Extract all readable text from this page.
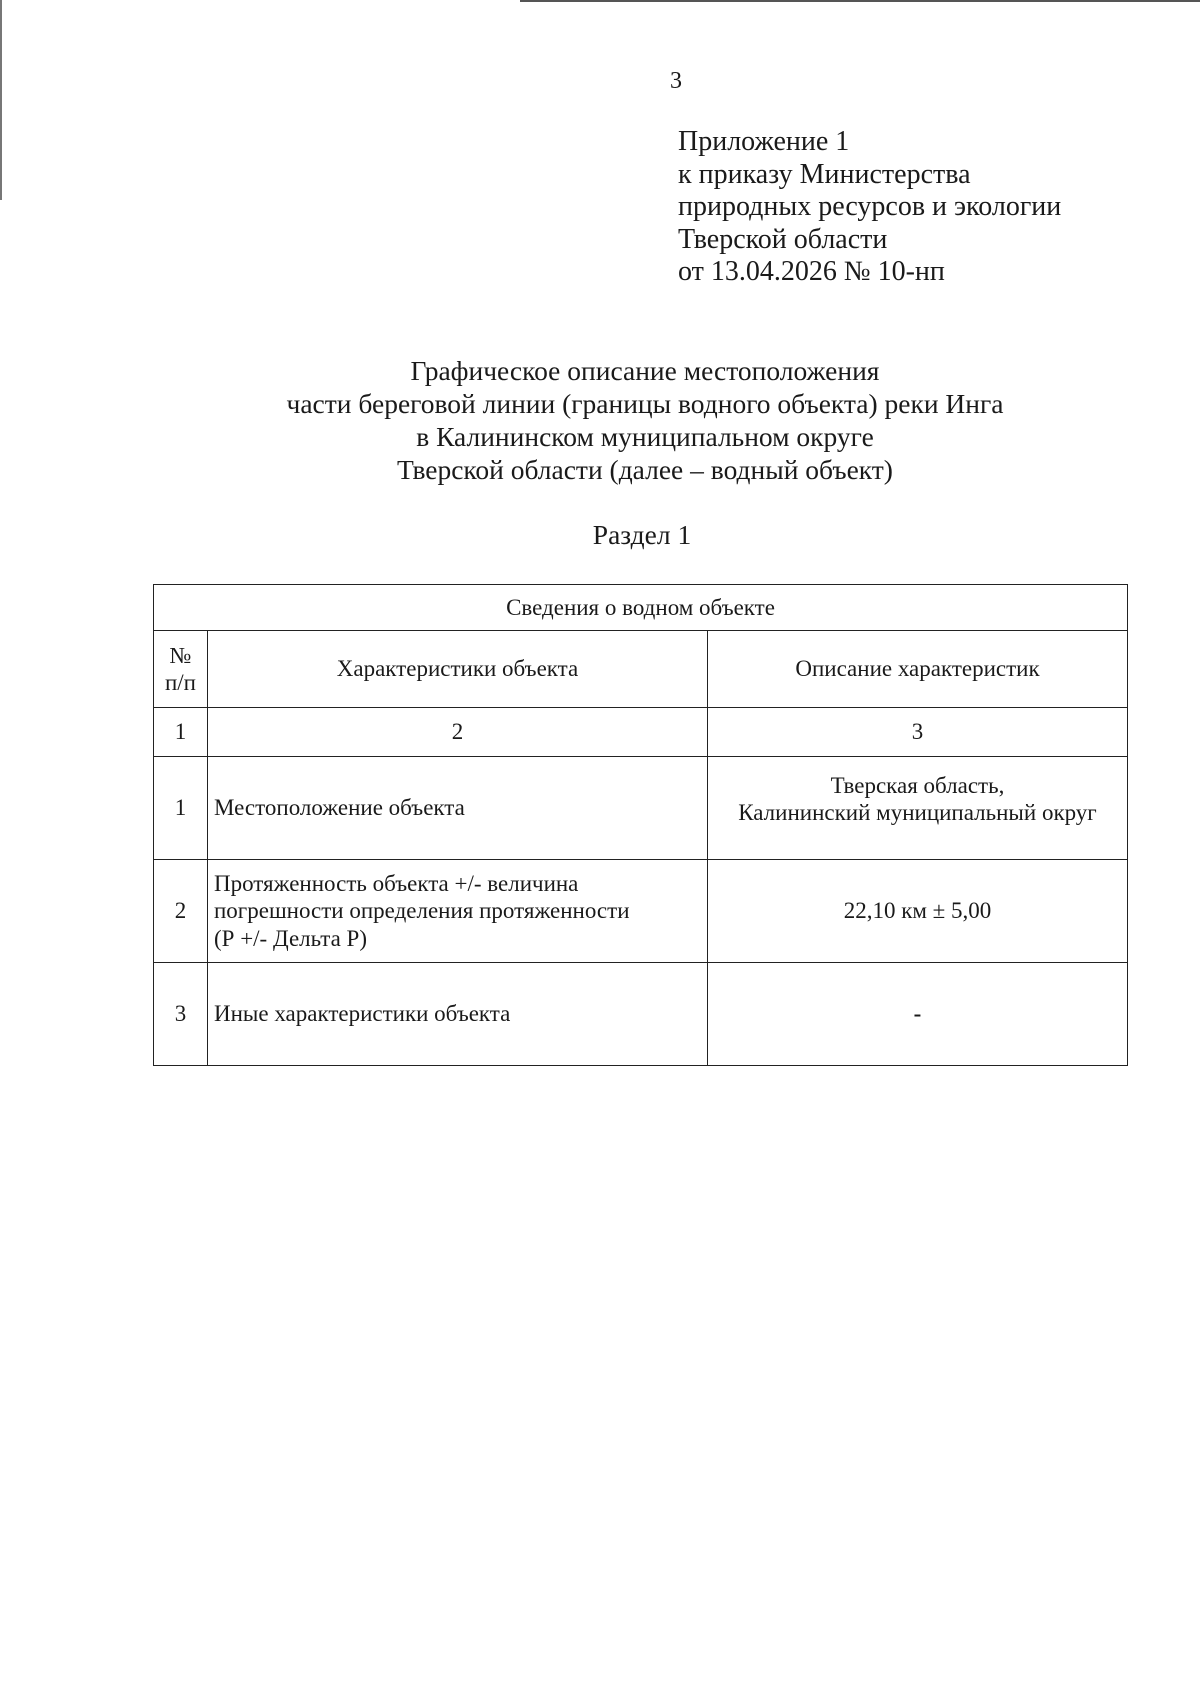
3
Приложение 1
к приказу Министерства
природных ресурсов и экологии
Тверской области
от 13.04.2026 № 10-нп
Графическое описание местоположения
части береговой линии (границы водного объекта) реки Инга
в Калининском муниципальном округе
Тверской области (далее – водный объект)
Раздел 1
Сведения о водном объекте		

№
п/п	Характеристики объекта	Описание характеристик
1	2	3
1	Местоположение объекта	Тверская область,
Калининский муниципальный округ

2	Протяженность объекта +/- величина
погрешности определения протяженности
(Р +/- Дельта Р)	22,10 км ± 5,00
3	Иные характеристики объекта	-
